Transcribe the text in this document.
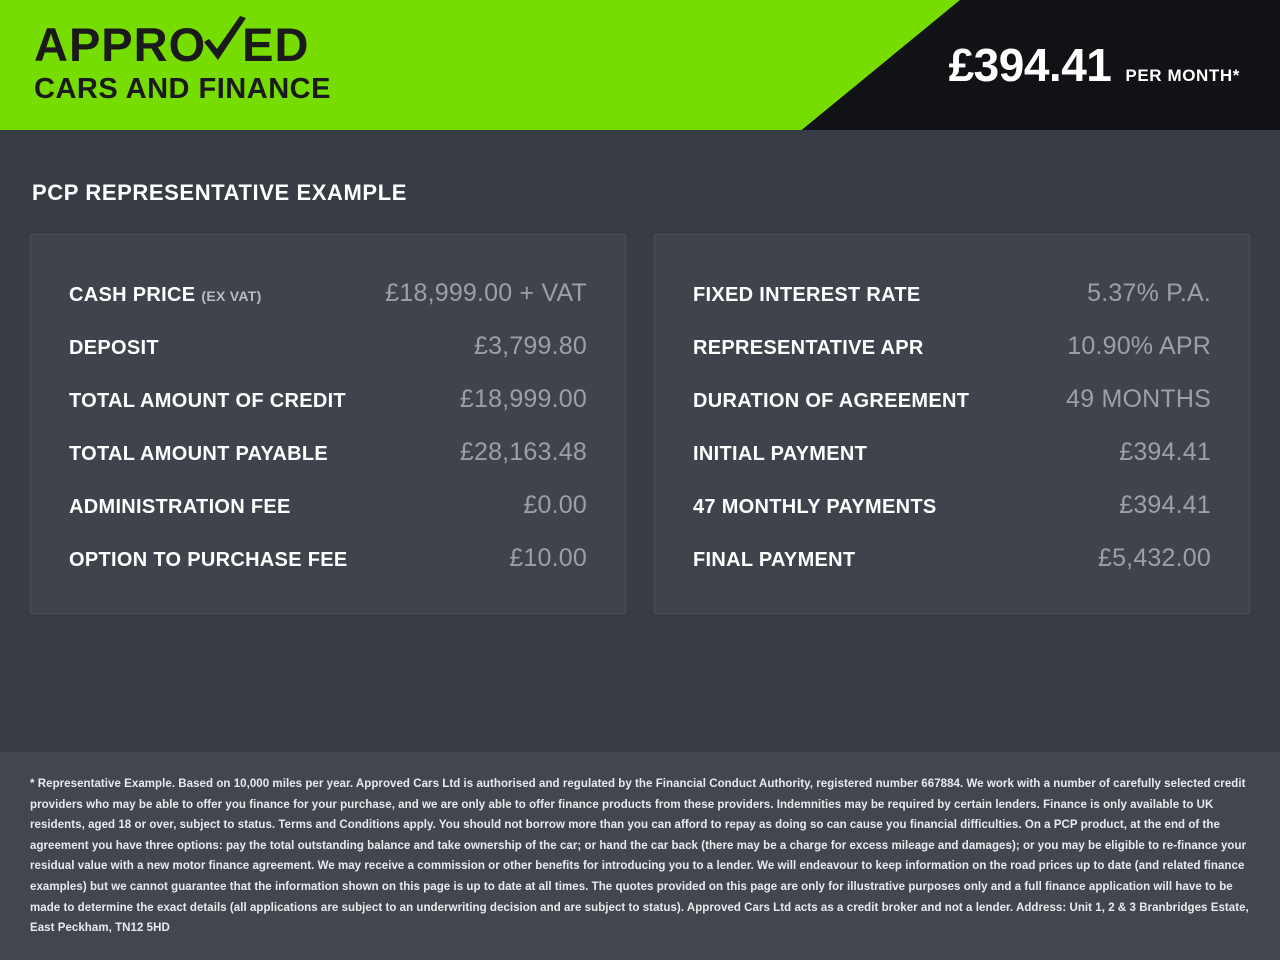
APPRO ED
CARS AND FINANCE	£394.41 PER MONTH*
PCP REPRESENTATIVE EXAMPLE
CASH PRICE (EX VAT)	£18,999.00 + VAT
DEPOSIT	£3,799.80
TOTAL AMOUNT OF CREDIT	£18,999.00
TOTAL AMOUNT PAYABLE	£28,163.48
ADMINISTRATION FEE	£0.00
OPTION TO PURCHASE FEE	£10.00
FIXED INTEREST RATE	5.37% P.A.
REPRESENTATIVE APR	10.90% APR
DURATION OF AGREEMENT	49 MONTHS
INITIAL PAYMENT	£394.41
47 MONTHLY PAYMENTS	£394.41
FINAL PAYMENT	£5,432.00

* Representative Example. Based on 10,000 miles per year. Approved Cars Ltd is authorised and regulated by the Financial Conduct Authority, registered number 667884. We work with a number of carefully selected credit providers who may be able to offer you finance for your purchase, and we are only able to offer finance products from these providers. Indemnities may be required by certain lenders. Finance is only available to UK residents, aged 18 or over, subject to status. Terms and Conditions apply. You should not borrow more than you can afford to repay as doing so can cause you financial difficulties. On a PCP product, at the end of the agreement you have three options: pay the total outstanding balance and take ownership of the car; or hand the car back (there may be a charge for excess mileage and damages); or you may be eligible to re-finance your residual value with a new motor finance agreement. We may receive a commission or other benefits for introducing you to a lender. We will endeavour to keep information on the road prices up to date (and related finance examples) but we cannot guarantee that the information shown on this page is up to date at all times. The quotes provided on this page are only for illustrative purposes only and a full finance application will have to be made to determine the exact details (all applications are subject to an underwriting decision and are subject to status). Approved Cars Ltd acts as a credit broker and not a lender. Address: Unit 1, 2 & 3 Branbridges Estate, East Peckham, TN12 5HD
